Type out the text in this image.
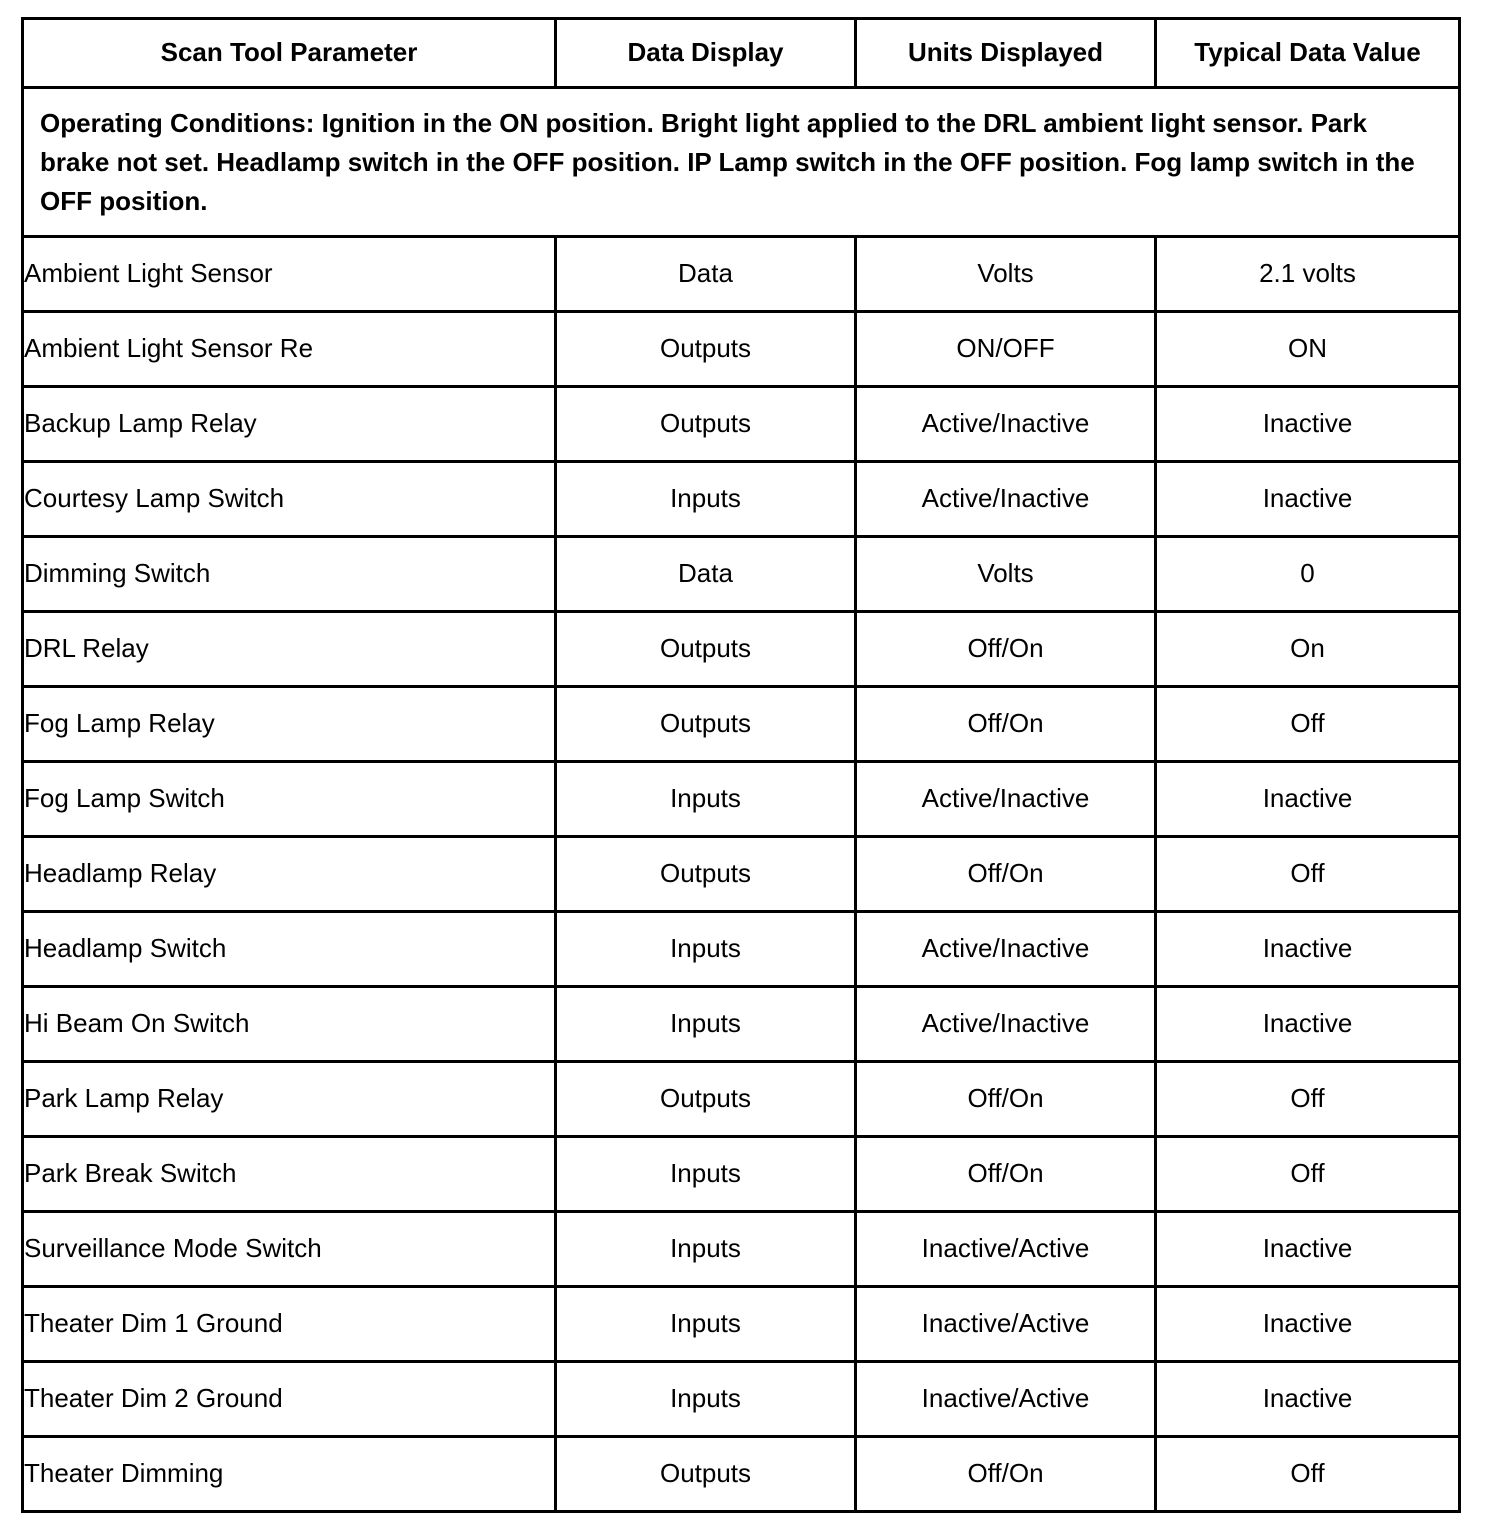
Scan Tool Parameter	Data Display	Units Displayed	Typical Data Value
Operating Conditions: Ignition in the ON position. Bright light applied to the DRL ambient light sensor. Park brake not set. Headlamp switch in the OFF position. IP Lamp switch in the OFF position. Fog lamp switch in the OFF position.			
Ambient Light Sensor	Data	Volts	2.1 volts
Ambient Light Sensor Re	Outputs	ON/OFF	ON
Backup Lamp Relay	Outputs	Active/Inactive	Inactive
Courtesy Lamp Switch	Inputs	Active/Inactive	Inactive
Dimming Switch	Data	Volts	0
DRL Relay	Outputs	Off/On	On
Fog Lamp Relay	Outputs	Off/On	Off
Fog Lamp Switch	Inputs	Active/Inactive	Inactive
Headlamp Relay	Outputs	Off/On	Off
Headlamp Switch	Inputs	Active/Inactive	Inactive
Hi Beam On Switch	Inputs	Active/Inactive	Inactive
Park Lamp Relay	Outputs	Off/On	Off
Park Break Switch	Inputs	Off/On	Off
Surveillance Mode Switch	Inputs	Inactive/Active	Inactive
Theater Dim 1 Ground	Inputs	Inactive/Active	Inactive
Theater Dim 2 Ground	Inputs	Inactive/Active	Inactive
Theater Dimming	Outputs	Off/On	Off
